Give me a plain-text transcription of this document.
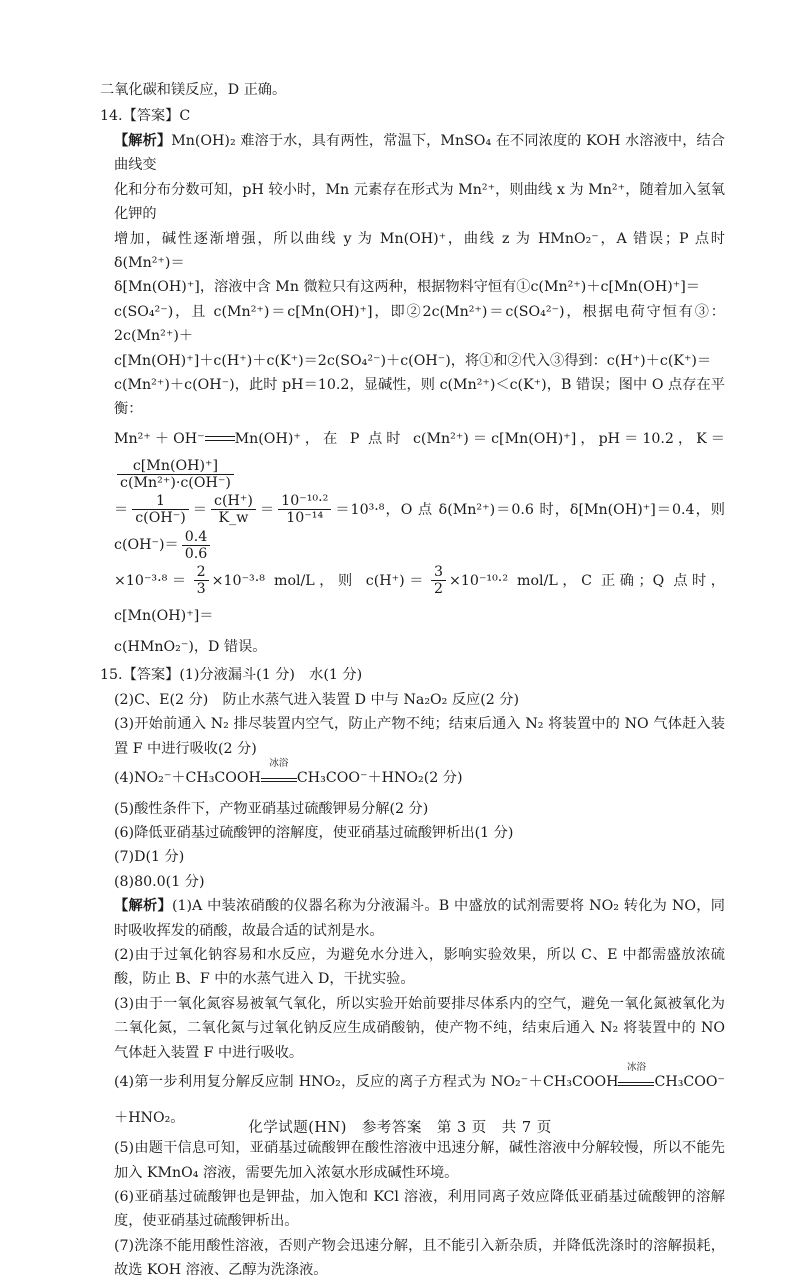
二氧化碳和镁反应，D 正确。

14.【答案】C

【解析】Mn(OH)₂ 难溶于水，具有两性，常温下，MnSO₄ 在不同浓度的 KOH 水溶液中，结合曲线变

化和分布分数可知，pH 较小时，Mn 元素存在形式为 Mn²⁺，则曲线 x 为 Mn²⁺，随着加入氢氧化钾的

增加，碱性逐渐增强，所以曲线 y 为 Mn(OH)⁺，曲线 z 为 HMnO₂⁻，A 错误；P 点时 δ(Mn²⁺)＝

δ[Mn(OH)⁺]，溶液中含 Mn 微粒只有这两种，根据物料守恒有①c(Mn²⁺)＋c[Mn(OH)⁺]＝

c(SO₄²⁻)，且 c(Mn²⁺)＝c[Mn(OH)⁺]，即②2c(Mn²⁺)＝c(SO₄²⁻)，根据电荷守恒有③：2c(Mn²⁺)＋

c[Mn(OH)⁺]＋c(H⁺)＋c(K⁺)＝2c(SO₄²⁻)＋c(OH⁻)，将①和②代入③得到：c(H⁺)＋c(K⁺)＝

c(Mn²⁺)＋c(OH⁻)，此时 pH＝10.2，显碱性，则 c(Mn²⁺)＜c(K⁺)，B 错误；图中 O 点存在平衡：

Mn²⁺＋OH⁻ Mn(OH)⁺，在 P 点时 c(Mn²⁺)＝c[Mn(OH)⁺]，pH＝10.2，K＝
$\frac{c[Mn(OH)^+]}{\text{c(Mn²⁺)·c(OH⁻)}}$

＝ $\frac{1}{c(OH^-)} = \frac{c(H^+)}{K\_w} = \frac{\text{10⁻¹⁰·²}}{\text{10⁻¹⁴}} =10^3\cdot^8$，O 点 δ(Mn²⁺)＝0.6 时，δ[Mn(OH)⁺]＝0.4，则 $c(OH^-)= \frac{0.4}{0.6}$

$\times 10^{-3}\cdot^8= \frac{2}{3} \times 10^{-3}\cdot^8$ mol/L，则 $c(H^+)= \frac{3}{2} \times 10^{-10}\cdot^2$ mol/L，C 正确；Q 点时，c[Mn(OH)⁺]＝

c(HMnO₂⁻)，D 错误。

15.【答案】(1)分液漏斗(1 分)　水(1 分)

(2)C、E(2 分)　防止水蒸气进入装置 D 中与 Na₂O₂ 反应(2 分)

(3)开始前通入 N₂ 排尽装置内空气，防止产物不纯；结束后通入 N₂ 将装置中的 NO 气体赶入装置 F 中进行吸收(2 分)

(4)NO₂⁻＋CH₃COOH
冰浴
CH₃COO⁻＋HNO₂(2 分)

(5)酸性条件下，产物亚硝基过硫酸钾易分解(2 分)

(6)降低亚硝基过硫酸钾的溶解度，使亚硝基过硫酸钾析出(1 分)

(7)D(1 分)

(8)80.0(1 分)

【解析】(1)A 中装浓硝酸的仪器名称为分液漏斗。B 中盛放的试剂需要将 NO₂ 转化为 NO，同时吸收挥发的硝酸，故最合适的试剂是水。

(2)由于过氧化钠容易和水反应，为避免水分进入，影响实验效果，所以 C、E 中都需盛放浓硫酸，防止 B、F 中的水蒸气进入 D，干扰实验。

(3)由于一氧化氮容易被氧气氧化，所以实验开始前要排尽体系内的空气，避免一氧化氮被氧化为二氧化氮，二氧化氮与过氧化钠反应生成硝酸钠，使产物不纯，结束后通入 N₂ 将装置中的 NO 气体赶入装置 F 中进行吸收。

(4)第一步利用复分解反应制 HNO₂，反应的离子方程式为 NO₂⁻＋CH₃COOH
冰浴
CH₃COO⁻＋HNO₂。

(5)由题干信息可知，亚硝基过硫酸钾在酸性溶液中迅速分解，碱性溶液中分解较慢，所以不能先加入 KMnO₄ 溶液，需要先加入浓氨水形成碱性环境。

(6)亚硝基过硫酸钾也是钾盐，加入饱和 KCl 溶液，利用同离子效应降低亚硝基过硫酸钾的溶解度，使亚硝基过硫酸钾析出。

(7)洗涤不能用酸性溶液，否则产物会迅速分解，且不能引入新杂质，并降低洗涤时的溶解损耗，故选 KOH 溶液、乙醇为洗涤液。

化学试题(HN)　参考答案　第 3 页　共 7 页
